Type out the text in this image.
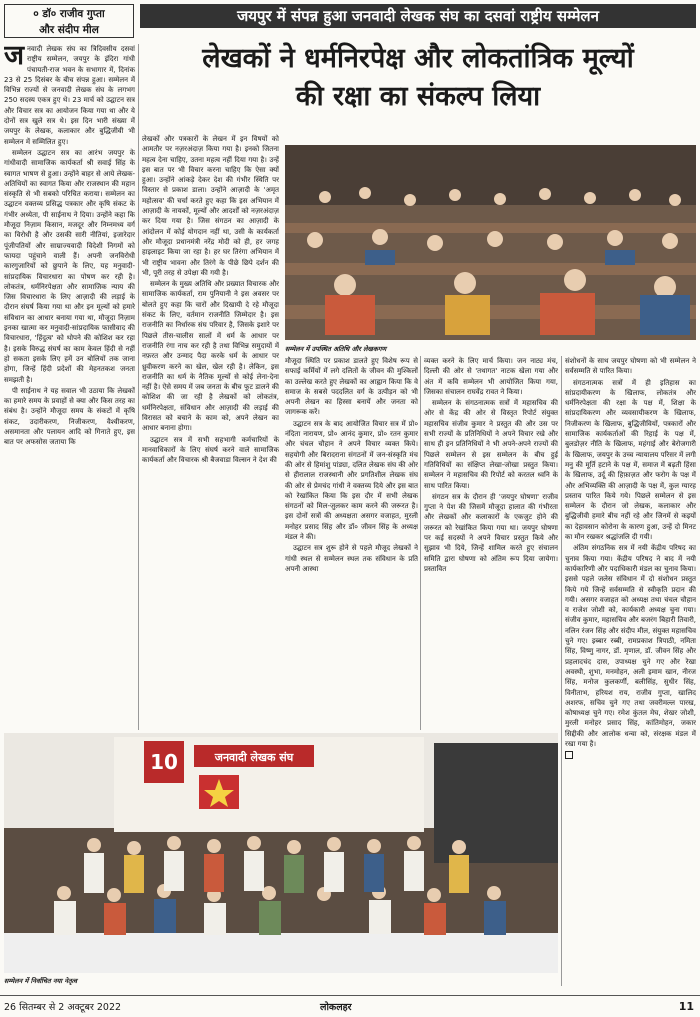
० डॉ० राजीव गुप्ता
और संदीप मील
जयपुर में संपन्न हुआ जनवादी लेखक संघ का दसवां राष्ट्रीय सम्मेलन
लेखकों ने धर्मनिरपेक्ष और लोकतांत्रिक मूल्यों
की रक्षा का संकल्प लिया

जनवादी लेखक संघ का त्रिदिवसीय दसवां राष्ट्रीय सम्मेलन, जयपुर के इंदिरा गांधी पंचायती-राज भवन के सभागार में, दिनांक 23 से 25 दिसंबर के बीच संपन्न हुआ। सम्मेलन में विभिन्न राज्यों से जनवादी लेखक संघ के लगभग 250 सदस्य एकत्र हुए थे। 23 मार्च को उद्घाटन सत्र और विचार सत्र का आयोजन किया गया था और ये दोनों सत्र खुले सत्र थे। इस दिन भारी संख्या में जयपुर के लेखक, कलाकार और बुद्धिजीवी भी सम्मेलन में सम्मिलित हुए।

सम्मेलन उद्घाटन सत्र का आरंभ जयपुर के गांधीवादी सामाजिक कार्यकर्ता श्री सवाई सिंह के स्वागत भाषण से हुआ। उन्होंने बाहर से आये लेखक-अतिथियों का स्वागत किया और राजस्थान की महान संस्कृति से भी सबको परिचित कराया। सम्मेलन का उद्घाटन वक्तव्य प्रसिद्ध पत्रकार और कृषि संकट के गंभीर अध्येता, पी साईनाथ ने दिया। उन्होंने कहा कि मौजूदा निज़ाम किसान, मजदूर और निम्नमध्य वर्ग का विरोधी है और उसकी सारी नीतियां, इजारेदार पूंजीपतियों और साम्राज्यवादी विदेशी निगमों को फायदा पहुंचाने वाली हैं। अपनी जनविरोधी कारगुजारियों को छुपाने के लिए, यह मनुवादी-सांप्रदायिक विचारधारा का पोषण कर रही है। लोकतंत्र, धर्मनिरपेक्षता और सामाजिक न्याय की जिस विचारधारा के लिए आज़ादी की लड़ाई के दौरान संघर्ष किया गया था और इन मूल्यों को हमारे संविधान का आधार बनाया गया था, मौजूदा निज़ाम इनका खात्मा कर मनुवादी-सांप्रदायिक फासीवाद की विचारधारा, 'हिंदुत्व' को थोपने की कोशिश कर रहा है। इसके विरुद्ध संघर्ष का काम केवल हिंदी से नहीं हो सकता इसके लिए हमें उन बोलियों तक जाना होगा, जिन्हें हिंदी प्रदेशों की मेहनतकश जनता समझती है।

पी साईनाथ ने यह सवाल भी उठाया कि लेखकों का हमारे समय के प्रवाहों से क्या और किस तरह का संबंध है। उन्होंने मौजूदा समय के संकटों में कृषि संकट, उदारीकरण, निजीकरण, वैश्वीकरण, असमानता और पलायन आदि को गिनाते हुए, इस बात पर अफसोस जताया कि

लेखकों और पत्रकारों के लेखन में इन विषयों को आमतौर पर नज़रअंदाज़ किया गया है। इनको जितना महत्व देना चाहिए, उतना महत्व नहीं दिया गया है। उन्हें इस बात पर भी विचार करना चाहिए कि ऐसा क्यों हुआ। उन्होंने आंकड़े देकर देश की गंभीर स्थिति पर विस्तार से प्रकाश डाला। उन्होंने आज़ादी के 'अमृत महोत्सव' की चर्चा करते हुए कहा कि इस अभियान में आज़ादी के नायकों, मूल्यों और आदर्शों को नज़रअंदाज़ कर दिया गया है। जिस संगठन का आज़ादी के आंदोलन में कोई योगदान नहीं था, उसी के कार्यकर्ता और मौजूदा प्रधानमंत्री नरेंद्र मोदी को ही, हर जगह हाइलाइट किया जा रहा है। हर घर तिरंगा अभियान में भी राष्ट्रीय भावना और तिरंगे के पीछे छिपे दर्शन की भी, पूरी तरह से उपेक्षा की गयी है।

सम्मेलन के मुख्य अतिथि और प्रख्यात विचारक और सामाजिक कार्यकर्ता, राम पुनियानी ने इस अवसर पर बोलते हुए कहा कि चारों और दिखायी दे रहे मौजूदा संकट के लिए, वर्तमान राजनीति जिम्मेदार है। इस राजनीति का निर्धारक संघ परिवार है, जिसके इशारे पर पिछले तीस-चालीस सालों में धर्म के आधार पर राजनीति रंगा नाच कर रही है तथा विभिन्न समुदायों में नफ़रत और उन्माद पैदा करके धर्म के आधार पर ध्रुवीकरण करने का खेल, खेल रही है। लेकिन, इस राजनीति का धर्म के नैतिक मूल्यों से कोई लेना-देना नहीं है। ऐसे समय में जब जनता के बीच फूट डालने की कोशिश की जा रही है लेखकों को लोकतंत्र, धर्मनिरपेक्षता, संविधान और आज़ादी की लड़ाई की विरासत को बचाने के काम को, अपने लेखन का आधार बनाना होगा।

उद्घाटन सत्र में सभी सहभागी कर्मचारियों के मानवाधिकारों के लिए संघर्ष करने वाले सामाजिक कार्यकर्ता और विचारक श्री बैजवाडा विल्सन ने देश की

सम्मेलन में उपस्थित अतिथि और लेखकगण

मौजूदा स्थिति पर प्रकाश डालते हुए विशेष रूप से सफाई कर्मियों में लगे दलितों के जीवन की मुश्किलों का उल्लेख करते हुए लेखकों का आह्वान किया कि वे समाज के सबसे पददलित वर्ग के उत्पीड़न को भी अपनी लेखन का हिस्सा बनायें और जनता को जागरूक करें।

उद्घाटन सत्र के बाद आयोजित विचार सत्र में प्रो० नंदिता नारायण, प्रो० आनंद कुमार, प्रो० रतन कुमार और चंचल चौहान ने अपने विचार व्यक्त किये। सहयोगी और बिरादराना संगठनों में जन-संस्कृति मंच की ओर से हिमांशु पांड्या, दलित लेखक संघ की ओर से हीरालाल राजस्थानी और प्रगतिशील लेखक संघ की ओर से प्रेमचंद गांधी ने वक्तव्य दिये और इस बात को रेखांकित किया कि इस दौर में सभी लेखक संगठनों को मिल-जुलकर काम करने की जरूरत है। इस दोनों सत्रों की अध्यक्षता असगर वजाहत, मुरली मनोहर प्रसाद सिंह और डॉ० जीवन सिंह के अध्यक्ष मंडल ने की।

उद्घाटन सत्र शुरू होने से पहले मौजूद लेखकों ने गांधी स्थल से सम्मेलन स्थल तक संविधान के प्रति अपनी आस्था

व्यक्त करने के लिए मार्च किया। जन नाट्य मंच, दिल्ली की ओर से 'तथागत' नाटक खेला गया और अंत में कवि सम्मेलन भी आयोजित किया गया, जिसका संचालन राघवेंद्र रावत ने किया।

सम्मेलन के संगठनात्मक सत्रों में महासचिव की ओर से केंद्र की ओर से विस्तृत रिपोर्ट संयुक्त महासचिव संजीव कुमार ने प्रस्तुत की और उस पर सभी राज्यों के प्रतिनिधियों ने अपने विचार रखे और साथ ही इन प्रतिनिधियों ने भी अपने-अपने राज्यों की पिछले सम्मेलन से इस सम्मेलन के बीच हुई गतिविधियों का संक्षिप्त लेखा-जोखा प्रस्तुत किया। सम्मेलन ने महासचिव की रिपोर्ट को करतल ध्वनि के साथ पारित किया।

संगठन सत्र के दौरान ही 'जयपुर घोषणा' राजीव गुप्ता ने पेश की जिसमें मौजूदा हालात की गंभीरता और लेखकों और कलाकारों के एकजुट होने की जरूरत को रेखांकित किया गया था। जयपुर घोषणा पर कई सदस्यों ने अपने विचार प्रस्तुत किये और सुझाव भी दिये, जिन्हें शामिल करते हुए संचालन समिति द्वारा घोषणा को अंतिम रूप दिया जायेगा। प्रस्तावित

संशोधनों के साथ जयपुर घोषणा को भी सम्मेलन ने सर्वसम्मति से पारित किया।

संगठनात्मक सत्रों में ही इतिहास का सांप्रदायीकरण के खिलाफ, लोकतंत्र और धर्मनिरपेक्षता की रक्षा के पक्ष में, शिक्षा के सांप्रदायिकरण और व्यवसायीकरण के खिलाफ, निजीकरण के खिलाफ, बुद्धिजीवियों, पत्रकारों और सामाजिक कार्यकर्ताओं की रिहाई के पक्ष में, बुलडोज़र नीति के खिलाफ, महंगाई और बेरोजगारी के खिलाफ, जयपुर के उच्च न्यायालय परिसर में लगी मनु की मूर्ति हटाने के पक्ष में, समाज में बढ़ती हिंसा के खिलाफ, उर्दू की हिफ़ाज़त और फरोग के पक्ष में और अभिव्यक्ति की आज़ादी के पक्ष में, कुल ग्यारह प्रस्ताव पारित किये गये। पिछले सम्मेलन से इस सम्मेलन के दौरान जो लेखक, कलाकार और बुद्धिजीवी हमारे बीच नहीं रहे और जिनमें से कइयों का देहावसान कोरोना के कारण हुआ, उन्हें दो मिनट का मौन रखकर श्रद्धांजलि दी गयी।

अंतिम संगठनिक सत्र में नयी केंद्रीय परिषद का चुनाव किया गया। केंद्रीय परिषद ने बाद में नयी कार्यकारिणी और पदाधिकारी मंडल का चुनाव किया। इससे पहले जलेस संविधान में दो संशोधन प्रस्तुत किये गये जिन्हें सर्वसम्मति से स्वीकृति प्रदान की गयी। असगर वजाहत को अध्यक्ष तथा चंचल चौहान व राजेश जोशी को, कार्यकारी अध्यक्ष चुना गया। संजीव कुमार, महासचिव और बजरंग बिहारी तिवारी, नलिन रंजन सिंह और संदीप मील, संयुक्त महासचिव चुने गए। इब्बार रब्बी, रामप्रकाश त्रिपाठी, नमिता सिंह, विष्णु नागर, डॉ. मृणाल, डॉ. जीवन सिंह और प्रहलादचंद दास, उपाध्यक्ष चुने गए और रेखा अवस्थी, शुभा, मनमोहन, अली इमाम खान, नीरज सिंह, मनोज कुलकर्णी, बलीसिंह, सुधीर सिंह, विनीताभ, हरियश राय, राजीव गुप्ता, खालिद अशरफ, सचिव चुने गए तथा जवरीमल्ल पारख, कोषाध्यक्ष चुने गए। रमेश कुंतल मेघ, शेखर जोशी, मुरली मनोहर प्रसाद सिंह, कांतिमोहन, जकार सिद्दीकी और आलोक धन्वा को, संरक्षक मंडल में रखा गया है।

10	जनवादी लेखक संघ
सम्मेलन में निर्वाचित नया नेतृत्व
26 सितम्बर से 2 अक्टूबर 2022	लोकलहर	11
